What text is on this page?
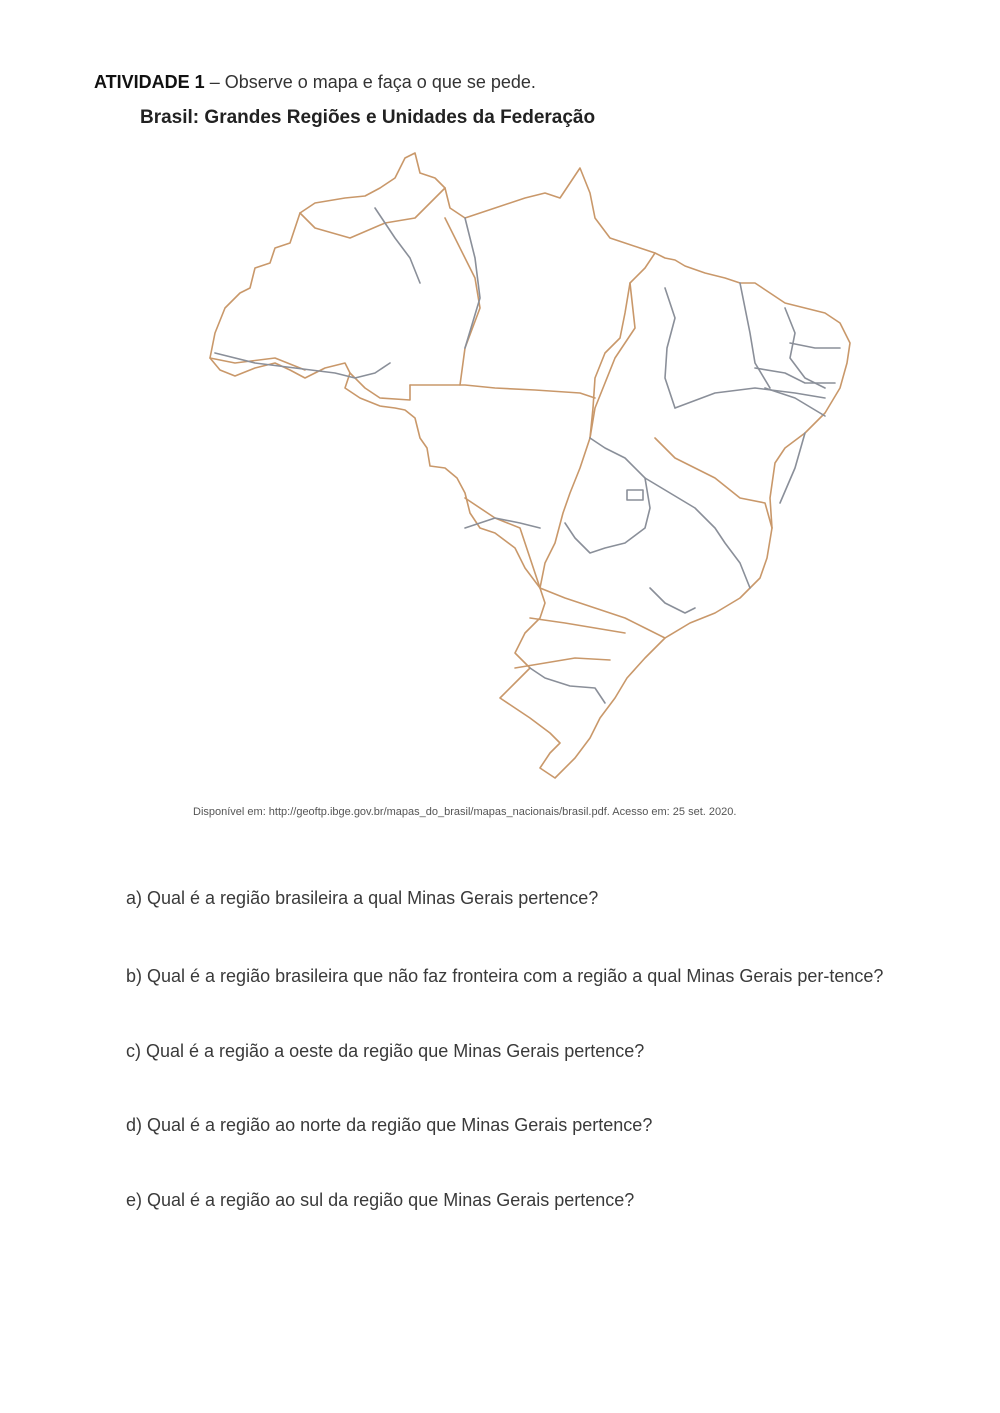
ATIVIDADE 1 – Observe o mapa e faça o que se pede.
Brasil: Grandes Regiões e Unidades da Federação
Disponível em: http://geoftp.ibge.gov.br/mapas_do_brasil/mapas_nacionais/brasil.pdf. Acesso em: 25 set. 2020.
a) Qual é a região brasileira a qual Minas Gerais pertence?
b) Qual é a região brasileira que não faz fronteira com a região a qual Minas Gerais per-tence?
c) Qual é a região a oeste da região que Minas Gerais pertence?
d) Qual é a região ao norte da região que Minas Gerais pertence?
e) Qual é a região ao sul da região que Minas Gerais pertence?
